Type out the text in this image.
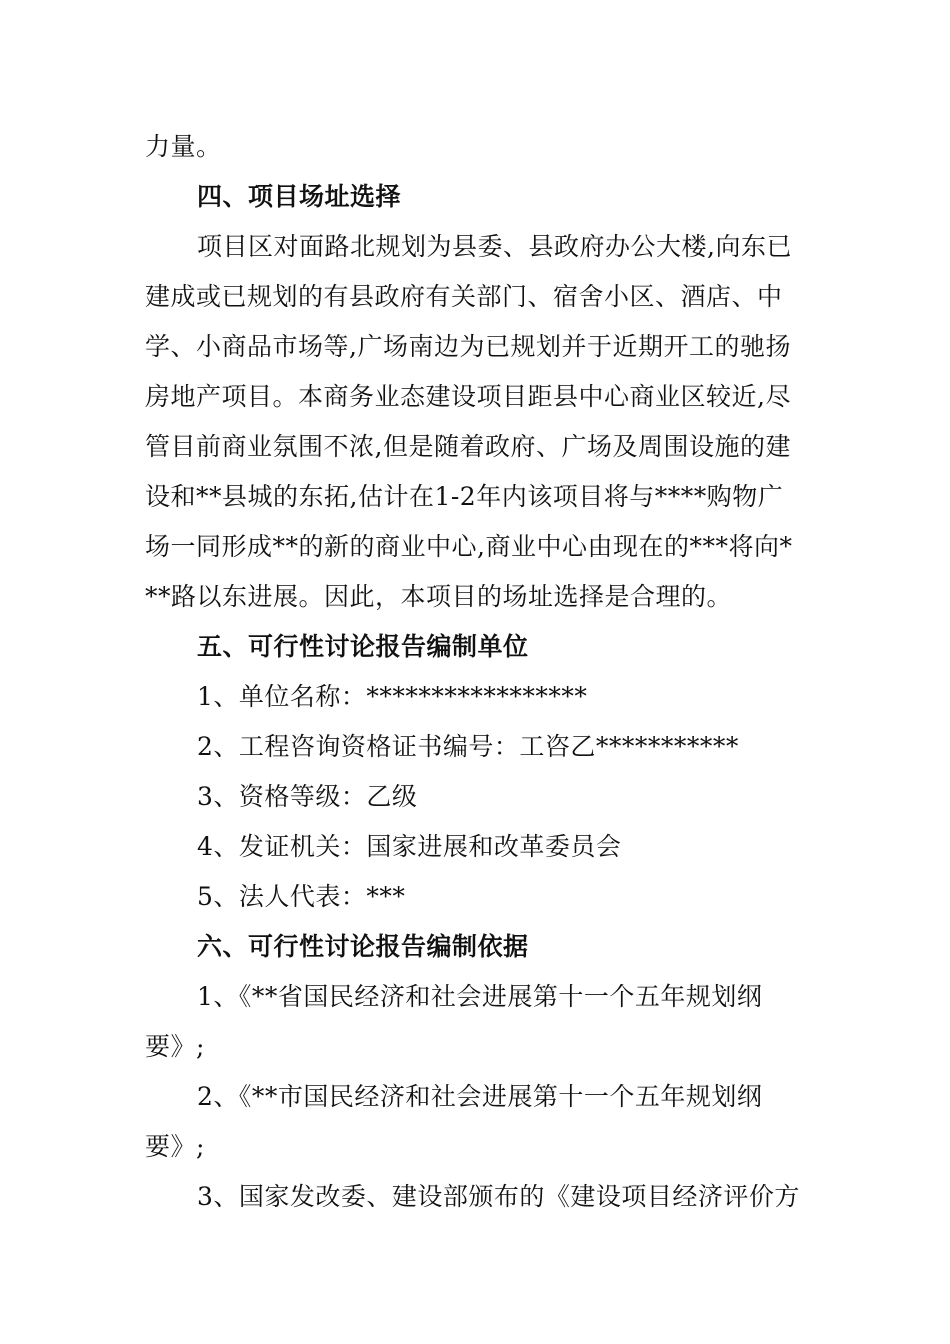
力量。
四、项目场址选择
项目区对面路北规划为县委、县政府办公大楼,向东已
建成或已规划的有县政府有关部门、宿舍小区、酒店、中
学、小商品市场等,广场南边为已规划并于近期开工的驰扬
房地产项目。本商务业态建设项目距县中心商业区较近,尽
管目前商业氛围不浓,但是随着政府、广场及周围设施的建
设和**县城的东拓,估计在1-2年内该项目将与****购物广
场一同形成**的新的商业中心,商业中心由现在的***将向*
**路以东进展。因此，本项目的场址选择是合理的。
五、可行性讨论报告编制单位
1、单位名称：*****************
2、工程咨询资格证书编号：工咨乙***********
3、资格等级：乙级
4、发证机关：国家进展和改革委员会
5、法人代表：***
六、可行性讨论报告编制依据
1、《**省国民经济和社会进展第十一个五年规划纲
要》;
2、《**市国民经济和社会进展第十一个五年规划纲
要》;
3、国家发改委、建设部颁布的《建设项目经济评价方
